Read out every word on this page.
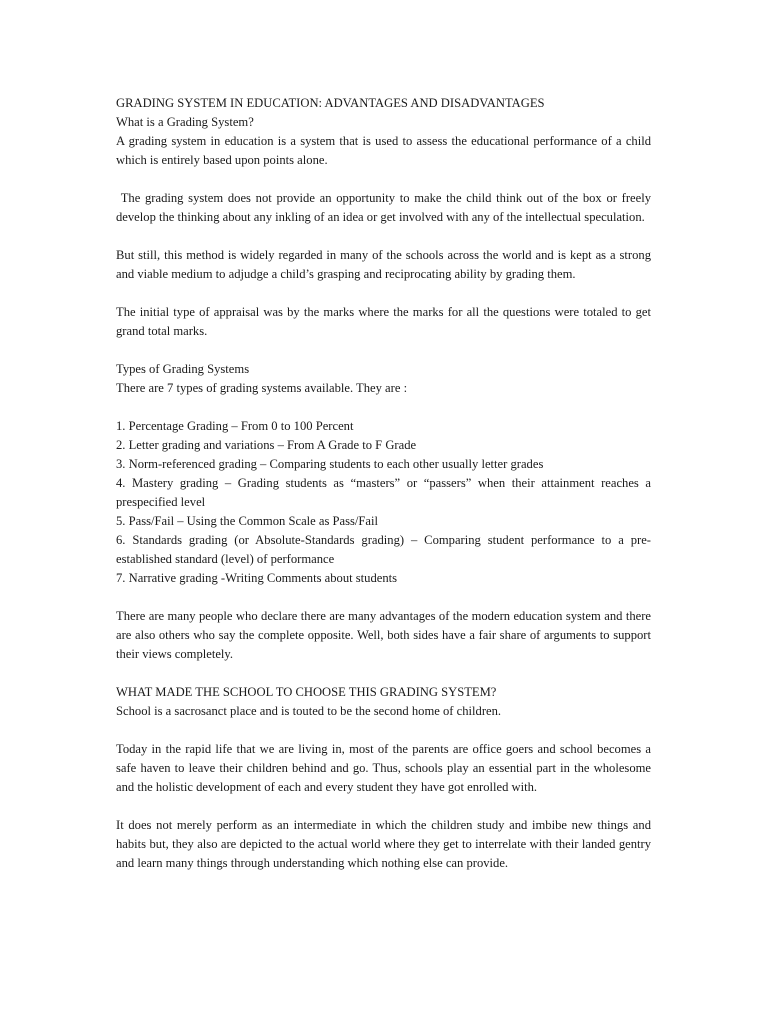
GRADING SYSTEM IN EDUCATION: ADVANTAGES AND DISADVANTAGES

What is a Grading System?

A grading system in education is a system that is used to assess the educational performance of a child which is entirely based upon points alone.

The grading system does not provide an opportunity to make the child think out of the box or freely develop the thinking about any inkling of an idea or get involved with any of the intellectual speculation.

But still, this method is widely regarded in many of the schools across the world and is kept as a strong and viable medium to adjudge a child’s grasping and reciprocating ability by grading them.

The initial type of appraisal was by the marks where the marks for all the questions were totaled to get grand total marks.

Types of Grading Systems

There are 7 types of grading systems available. They are :

1. Percentage Grading – From 0 to 100 Percent
2. Letter grading and variations – From A Grade to F Grade
3. Norm-referenced grading – Comparing students to each other usually letter grades
4. Mastery grading – Grading students as “masters” or “passers” when their attainment reaches a prespecified level
5. Pass/Fail – Using the Common Scale as Pass/Fail
6. Standards grading (or Absolute-Standards grading) – Comparing student performance to a pre-established standard (level) of performance
7. Narrative grading -Writing Comments about students

There are many people who declare there are many advantages of the modern education system and there are also others who say the complete opposite. Well, both sides have a fair share of arguments to support their views completely.

WHAT MADE THE SCHOOL TO CHOOSE THIS GRADING SYSTEM?

School is a sacrosanct place and is touted to be the second home of children.

Today in the rapid life that we are living in, most of the parents are office goers and school becomes a safe haven to leave their children behind and go. Thus, schools play an essential part in the wholesome and the holistic development of each and every student they have got enrolled with.

It does not merely perform as an intermediate in which the children study and imbibe new things and habits but, they also are depicted to the actual world where they get to interrelate with their landed gentry and learn many things through understanding which nothing else can provide.
